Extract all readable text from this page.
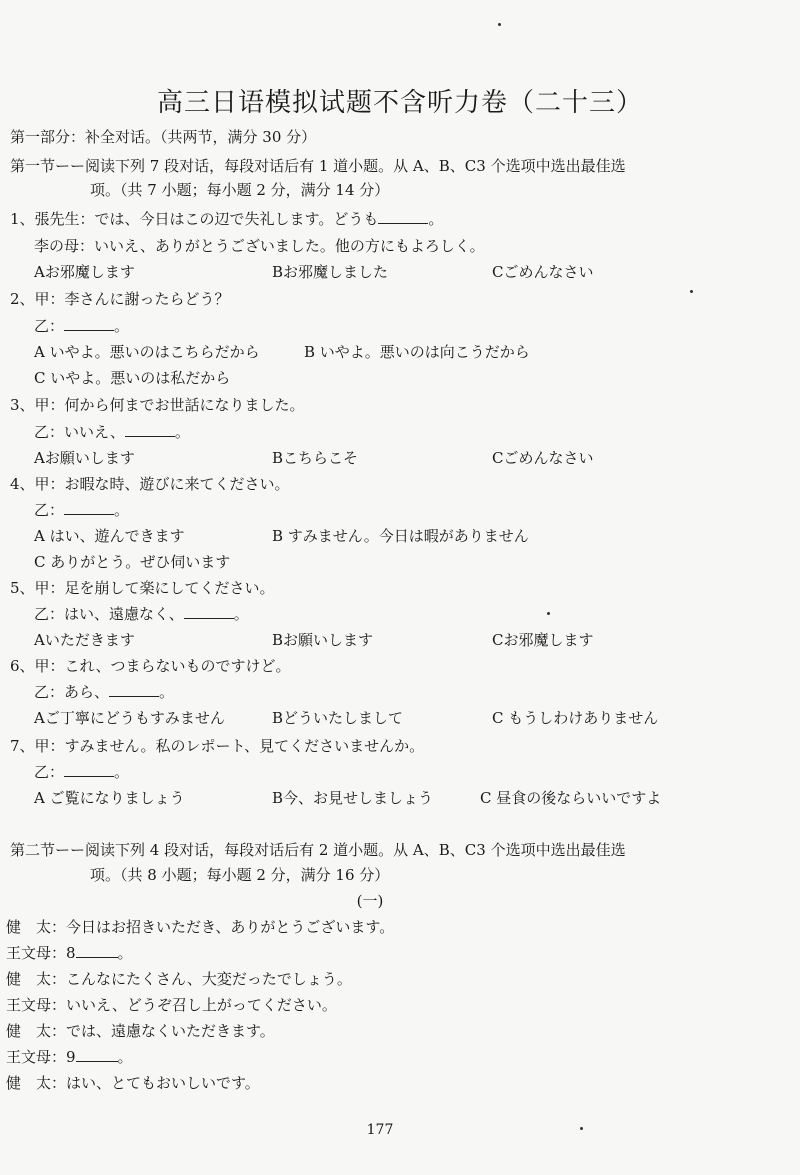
高三日语模拟试题不含听力卷（二十三）
第一部分：补全对话。（共两节，满分 30 分）
第一节ーー阅读下列 7 段对话，每段对话后有 1 道小题。从 A、B、C3 个选项中选出最佳选
项。（共 7 小题；每小题 2 分，满分 14 分）
1、張先生：では、今日はこの辺で失礼します。どうも	。
李の母：いいえ、ありがとうございました。他の方にもよろしく。
Aお邪魔します	Bお邪魔しました	Cごめんなさい
2、甲：李さんに謝ったらどう？
乙：	。
A いやよ。悪いのはこちらだから	B いやよ。悪いのは向こうだから
C いやよ。悪いのは私だから
3、甲：何から何までお世話になりました。
乙：いいえ、	。
Aお願いします	Bこちらこそ	Cごめんなさい
4、甲：お暇な時、遊びに来てください。
乙：	。
A はい、遊んできます	B すみません。今日は暇がありません
C ありがとう。ぜひ伺います
5、甲：足を崩して楽にしてください。
乙：はい、遠慮なく、	。
Aいただきます	Bお願いします	Cお邪魔します
6、甲：これ、つまらないものですけど。
乙：あら、	。
Aご丁寧にどうもすみません	Bどういたしまして	C もうしわけありません
7、甲：すみません。私のレポート、見てくださいませんか。
乙：	。
A ご覧になりましょう	B今、お見せしましょう	C 昼食の後ならいいですよ
第二节ーー阅读下列 4 段对话，每段对话后有 2 道小题。从 A、B、C3 个选项中选出最佳选
项。（共 8 小题；每小题 2 分，满分 16 分）
(一)
健　太：今日はお招きいただき、ありがとうございます。
王文母：8	。
健　太：こんなにたくさん、大変だったでしょう。
王文母：いいえ、どうぞ召し上がってください。
健　太：では、遠慮なくいただきます。
王文母：9	。
健　太：はい、とてもおいしいです。
177
